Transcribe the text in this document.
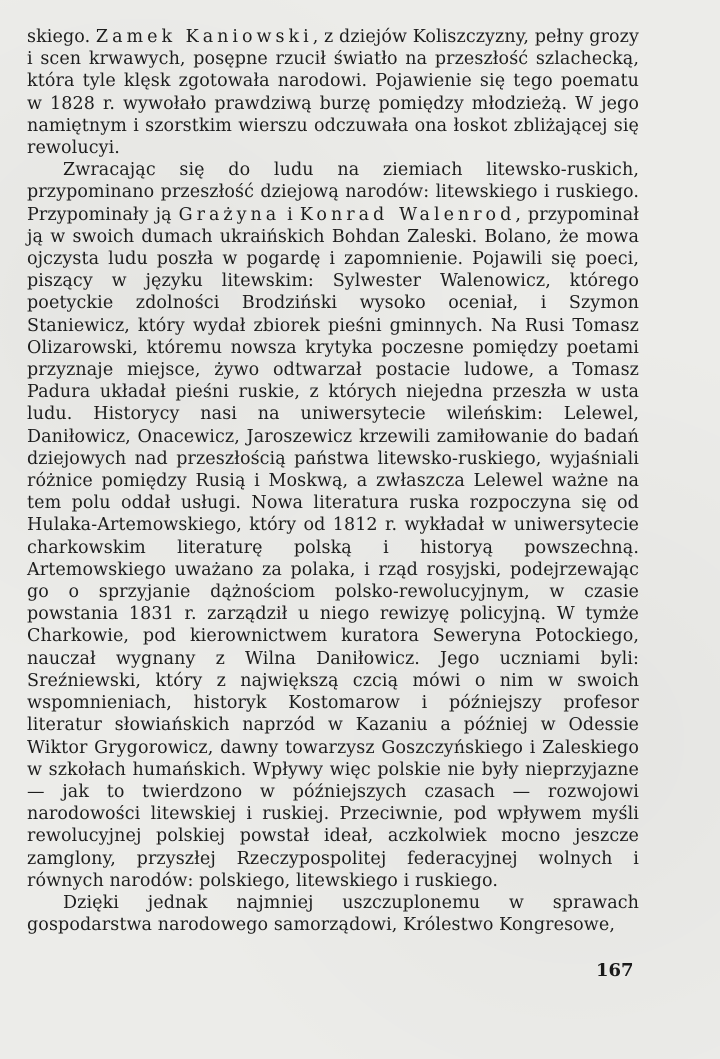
skiego. Zamek Kaniowski, z dziejów Koliszczyzny, pełny grozy i scen krwawych, posępne rzucił światło na przeszłość szlachecką, która tyle klęsk zgotowała narodowi. Pojawienie się tego poematu w 1828 r. wywołało prawdziwą burzę pomiędzy młodzieżą. W jego namiętnym i szorstkim wierszu odczuwała ona łoskot zbliżającej się rewolucyi.

Zwracając się do ludu na ziemiach litewsko-ruskich, przypominano przeszłość dziejową narodów: litewskiego i ruskiego. Przypominały ją Grażyna i Konrad Walenrod, przypominał ją w swoich dumach ukraińskich Bohdan Zaleski. Bolano, że mowa ojczysta ludu poszła w pogardę i zapomnienie. Pojawili się poeci, piszący w języku litewskim: Sylwester Walenowicz, którego poetyckie zdolności Brodziński wysoko oceniał, i Szymon Staniewicz, który wydał zbiorek pieśni gminnych. Na Rusi Tomasz Olizarowski, któremu nowsza krytyka poczesne pomiędzy poetami przyznaje miejsce, żywo odtwarzał postacie ludowe, a Tomasz Padura układał pieśni ruskie, z których niejedna przeszła w usta ludu. Historycy nasi na uniwersytecie wileńskim: Lelewel, Daniłowicz, Onacewicz, Jaroszewicz krzewili zamiłowanie do badań dziejowych nad przeszłością państwa litewsko-ruskiego, wyjaśniali różnice pomiędzy Rusią i Moskwą, a zwłaszcza Lelewel ważne na tem polu oddał usługi. Nowa literatura ruska rozpoczyna się od Hulaka-Artemowskiego, który od 1812 r. wykładał w uniwersytecie charkowskim literaturę polską i historyą powszechną. Artemowskiego uważano za polaka, i rząd rosyjski, podejrzewając go o sprzyjanie dążnościom polsko-rewolucyjnym, w czasie powstania 1831 r. zarządził u niego rewizyę policyjną. W tymże Charkowie, pod kierownictwem kuratora Seweryna Potockiego, nauczał wygnany z Wilna Daniłowicz. Jego uczniami byli: Sreźniewski, który z największą czcią mówi o nim w swoich wspomnieniach, historyk Kostomarow i późniejszy profesor literatur słowiańskich naprzód w Kazaniu a później w Odessie Wiktor Grygorowicz, dawny towarzysz Goszczyńskiego i Zaleskiego w szkołach humańskich. Wpływy więc polskie nie były nieprzyjazne — jak to twierdzono w późniejszych czasach — rozwojowi narodowości litewskiej i ruskiej. Przeciwnie, pod wpływem myśli rewolucyjnej polskiej powstał ideał, aczkolwiek mocno jeszcze zamglony, przyszłej Rzeczypospolitej federacyjnej wolnych i równych narodów: polskiego, litewskiego i ruskiego.

Dzięki jednak najmniej uszczuplonemu w sprawach gospodarstwa narodowego samorządowi, Królestwo Kongresowe,

167
